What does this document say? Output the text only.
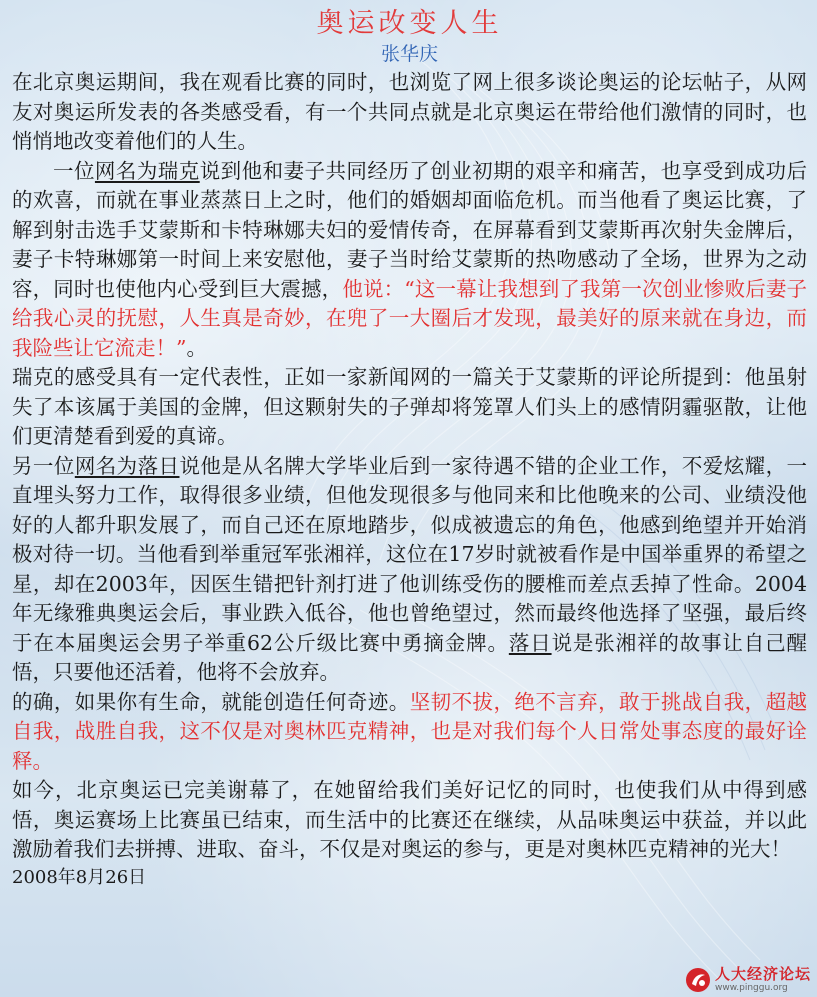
奥运改变人生
张华庆

在北京奥运期间，我在观看比赛的同时，也浏览了网上很多谈论奥运的论坛帖子，从网友对奥运所发表的各类感受看，有一个共同点就是北京奥运在带给他们激情的同时，也悄悄地改变着他们的人生。

一位网名为瑞克说到他和妻子共同经历了创业初期的艰辛和痛苦，也享受到成功后的欢喜，而就在事业蒸蒸日上之时，他们的婚姻却面临危机。而当他看了奥运比赛，了解到射击选手艾蒙斯和卡特琳娜夫妇的爱情传奇，在屏幕看到艾蒙斯再次射失金牌后，妻子卡特琳娜第一时间上来安慰他，妻子当时给艾蒙斯的热吻感动了全场，世界为之动容，同时也使他内心受到巨大震撼，他说：“这一幕让我想到了我第一次创业惨败后妻子给我心灵的抚慰，人生真是奇妙，在兜了一大圈后才发现，最美好的原来就在身边，而我险些让它流走！”。

瑞克的感受具有一定代表性，正如一家新闻网的一篇关于艾蒙斯的评论所提到：他虽射失了本该属于美国的金牌，但这颗射失的子弹却将笼罩人们头上的感情阴霾驱散，让他们更清楚看到爱的真谛。

另一位网名为落日说他是从名牌大学毕业后到一家待遇不错的企业工作，不爱炫耀，一直埋头努力工作，取得很多业绩，但他发现很多与他同来和比他晚来的公司、业绩没他好的人都升职发展了，而自己还在原地踏步，似成被遗忘的角色，他感到绝望并开始消极对待一切。当他看到举重冠军张湘祥，这位在17岁时就被看作是中国举重界的希望之星，却在2003年，因医生错把针剂打进了他训练受伤的腰椎而差点丢掉了性命。2004年无缘雅典奥运会后，事业跌入低谷，他也曾绝望过，然而最终他选择了坚强，最后终于在本届奥运会男子举重62公斤级比赛中勇摘金牌。落日说是张湘祥的故事让自己醒悟，只要他还活着，他将不会放弃。

的确，如果你有生命，就能创造任何奇迹。坚韧不拔，绝不言弃，敢于挑战自我，超越自我，战胜自我，这不仅是对奥林匹克精神，也是对我们每个人日常处事态度的最好诠释。

如今，北京奥运已完美谢幕了，在她留给我们美好记忆的同时，也使我们从中得到感悟，奥运赛场上比赛虽已结束，而生活中的比赛还在继续，从品味奥运中获益，并以此激励着我们去拼搏、进取、奋斗，不仅是对奥运的参与，更是对奥林匹克精神的光大！

2008年8月26日
人大经济论坛
www.pinggu.org
